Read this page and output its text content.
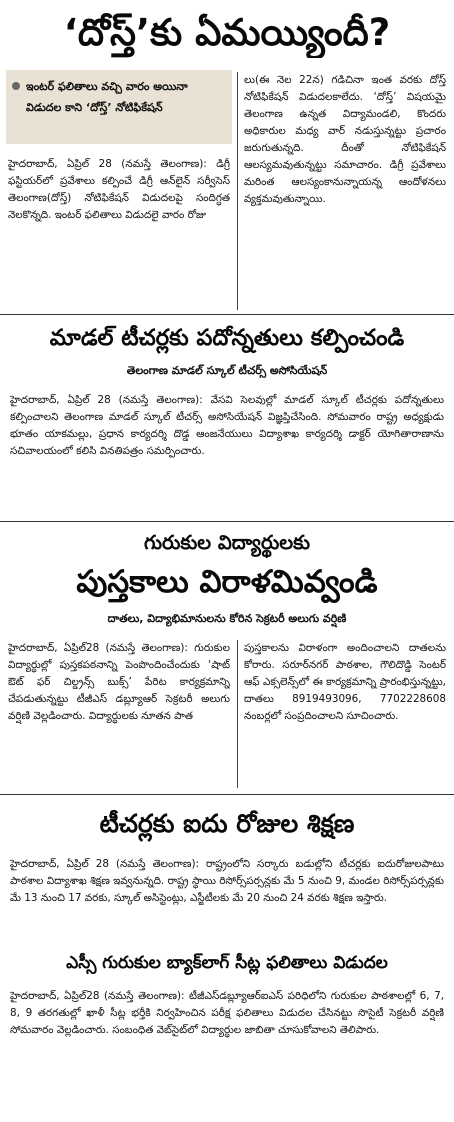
‘దోస్త్‌’కు ఏమయ్యిందీ?
ఇంటర్‌ ఫలితాలు వచ్చి వారం అయినా విడుదల కాని ‘దోస్త్‌’ నోటిఫికేషన్‌

హైదరాబాద్‌, ఏప్రిల్‌ 28 (నమస్తే తెలంగాణ): డిగ్రీ ఫస్టియర్‌లో ప్రవేశాలు కల్పించే డిగ్రీ ఆన్‌లైన్‌ సర్వీసెస్‌ తెలంగాణ(దోస్త్‌) నోటిఫికేషన్‌ విడుదలపై సందిగ్ధత నెలకొన్నది. ఇంటర్‌ ఫలితాలు విడుదలై వారం రోజు

లు(ఈ నెల 22న) గడిచినా ఇంత వరకు దోస్త్‌ నోటిఫికేషన్‌ విడుదలకాలేదు. ‘దోస్త్‌’ విషయమై తెలంగాణ ఉన్నత విద్యామండలి, కొందరు అధికారుల మధ్య వార్‌ నడుస్తున్నట్టు ప్రచారం జరుగుతున్నది. దీంతో నోటిఫికేషన్‌ ఆలస్యమవుతున్నట్టు సమాచారం. డిగ్రీ ప్రవేశాలు మరింత ఆలస్యంకానున్నాయన్న ఆందోళనలు వ్యక్తమవుతున్నాయి.

మాడల్‌ టీచర్లకు పదోన్నతులు కల్పించండి
తెలంగాణ మాడల్‌ స్కూల్‌ టీచర్స్‌ అసోసియేషన్‌
హైదరాబాద్‌, ఏప్రిల్‌ 28 (నమస్తే తెలంగాణ): వేసవి సెలవుల్లో మాడల్‌ స్కూల్‌ టీచర్లకు పదోన్నతులు కల్పించాలని తెలంగాణ మాడల్‌ స్కూల్‌ టీచర్స్‌ అసోసియేషన్‌ విజ్ఞప్తిచేసింది. సోమవారం రాష్ట్ర అధ్యక్షుడు భూతం యాకమల్లు, ప్రధాన కార్యదర్శి దొడ్డ ఆంజనేయులు విద్యాశాఖ కార్యదర్శి డాక్టర్‌ యోగితారాణాను సచివాలయంలో కలిసి వినతిపత్రం సమర్పించారు.
గురుకుల విద్యార్థులకు
పుస్తకాలు విరాళమివ్వండి
దాతలు, విద్యాభిమానులను కోరిన సెక్రటరీ అలుగు వర్షిణి

హైదరాబాద్‌, ఏప్రిల్‌28 (నమస్తే తెలంగాణ): గురుకుల విద్యార్థుల్లో పుస్తకపఠనాన్ని పెంపొందించేందుకు ‘షాట్‌ ఔట్‌ ఫర్‌ చిల్డ్రన్స్‌ బుక్స్‌’ పేరిట కార్యక్రమాన్ని చేపడుతున్నట్టు టీజీఎస్‌ డబ్ల్యూఆర్‌ సెక్రటరీ అలుగు వర్షిణి వెల్లడించారు. విద్యార్థులకు నూతన పాత

పుస్తకాలను విరాళంగా అందించాలని దాతలను కోరారు. సరూర్‌నగర్‌ పాఠశాల, గౌలిదొడ్డి సెంటర్‌ ఆఫ్‌ ఎక్సలెన్స్‌లో ఈ కార్యక్రమాన్ని ప్రారంభిస్తున్నట్టు, దాతలు 8919493096, 7702228608 నంబర్లలో సంప్రదించాలని సూచించారు.

టీచర్లకు ఐదు రోజుల శిక్షణ
హైదరాబాద్‌, ఏప్రిల్‌ 28 (నమస్తే తెలంగాణ): రాష్ట్రంలోని సర్కారు బడుల్లోని టీచర్లకు ఐదురోజులపాటు పాఠశాల విద్యాశాఖ శిక్షణ ఇవ్వనున్నది. రాష్ట్ర స్థాయి రిసోర్స్‌పర్సన్లకు మే 5 నుంచి 9, మండల రిసోర్స్‌పర్సన్లకు మే 13 నుంచి 17 వరకు, స్కూల్‌ అసిస్టెంట్లు, ఎస్జీటీలకు మే 20 నుంచి 24 వరకు శిక్షణ ఇస్తారు.
ఎస్సీ గురుకుల బ్యాక్‌లాగ్‌ సీట్ల ఫలితాలు విడుదల
హైదరాబాద్‌, ఏప్రిల్‌28 (నమస్తే తెలంగాణ): టీజీఎస్‌డబ్ల్యూఆర్‌ఐఎస్‌ పరిధిలోని గురుకుల పాఠశాలల్లో 6, 7, 8, 9 తరగతుల్లో ఖాళీ సీట్ల భర్తీకి నిర్వహించిన పరీక్ష ఫలితాలు విడుదల చేసినట్టు సొసైటీ సెక్రటరీ వర్షిణి సోమవారం వెల్లడించారు. సంబంధిత వెబ్‌సైట్‌లో విద్యార్థుల జాబితా చూసుకోవాలని తెలిపారు.
